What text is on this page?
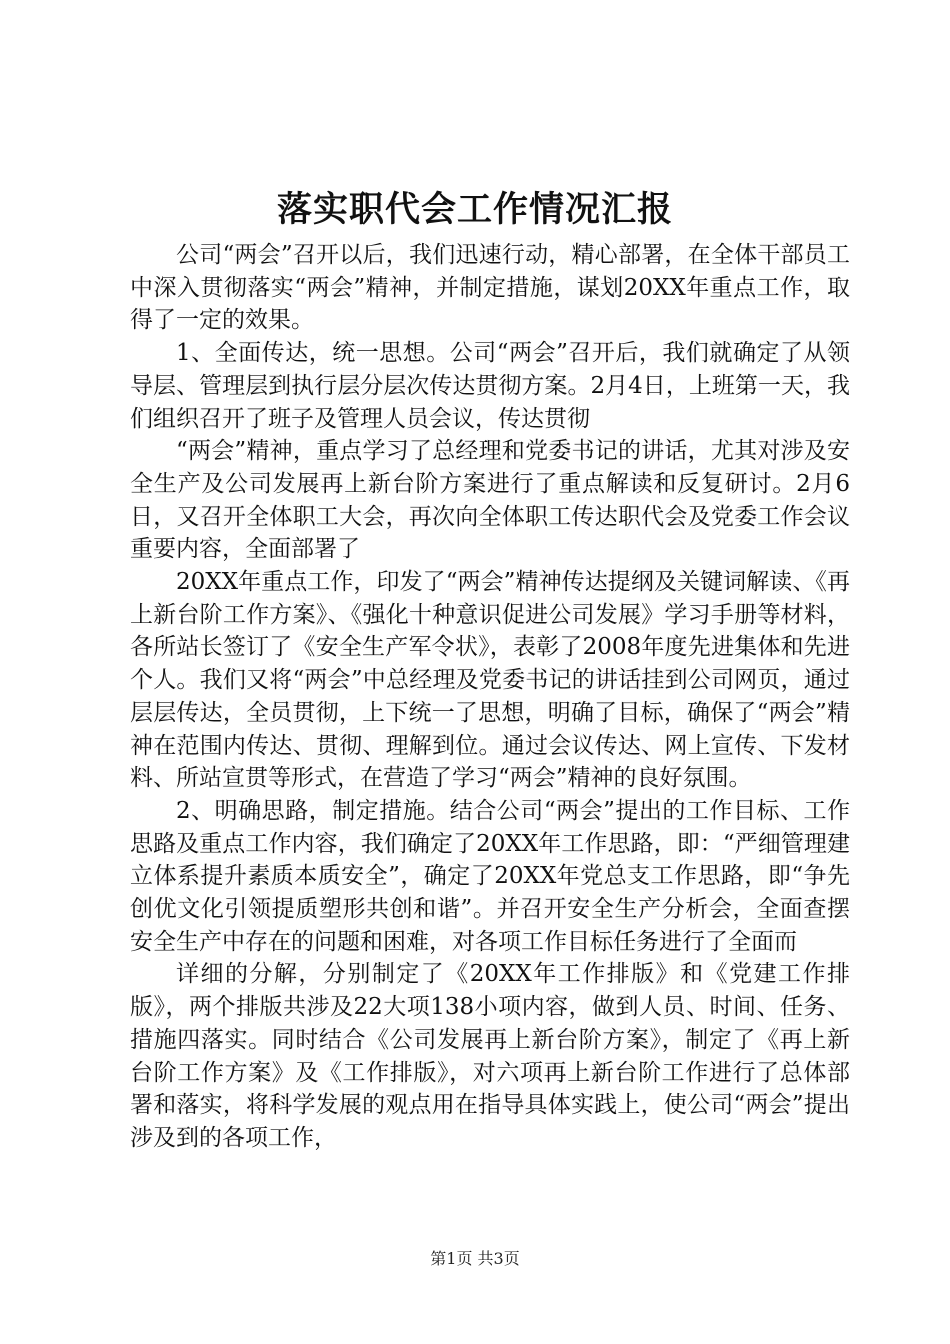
落实职代会工作情况汇报

公司“两会”召开以后，我们迅速行动，精心部署，在全体干部员工中深入贯彻落实“两会”精神，并制定措施，谋划20XX年重点工作，取得了一定的效果。

1、全面传达，统一思想。公司“两会”召开后，我们就确定了从领导层、管理层到执行层分层次传达贯彻方案。2月4日，上班第一天，我们组织召开了班子及管理人员会议，传达贯彻

“两会”精神，重点学习了总经理和党委书记的讲话，尤其对涉及安全生产及公司发展再上新台阶方案进行了重点解读和反复研讨。2月6日，又召开全体职工大会，再次向全体职工传达职代会及党委工作会议重要内容，全面部署了

20XX年重点工作，印发了“两会”精神传达提纲及关键词解读、《再上新台阶工作方案》、《强化十种意识促进公司发展》学习手册等材料，各所站长签订了《安全生产军令状》，表彰了2008年度先进集体和先进个人。我们又将“两会”中总经理及党委书记的讲话挂到公司网页，通过层层传达，全员贯彻，上下统一了思想，明确了目标，确保了“两会”精神在范围内传达、贯彻、理解到位。通过会议传达、网上宣传、下发材料、所站宣贯等形式，在营造了学习“两会”精神的良好氛围。

2、明确思路，制定措施。结合公司“两会”提出的工作目标、工作思路及重点工作内容，我们确定了20XX年工作思路，即：“严细管理建立体系提升素质本质安全”，确定了20XX年党总支工作思路，即“争先创优文化引领提质塑形共创和谐”。并召开安全生产分析会，全面查摆安全生产中存在的问题和困难，对各项工作目标任务进行了全面而

详细的分解，分别制定了《20XX年工作排版》和《党建工作排版》，两个排版共涉及22大项138小项内容，做到人员、时间、任务、措施四落实。同时结合《公司发展再上新台阶方案》，制定了《再上新台阶工作方案》及《工作排版》，对六项再上新台阶工作进行了总体部署和落实，将科学发展的观点用在指导具体实践上，使公司“两会”提出涉及到的各项工作，

第1页 共3页
